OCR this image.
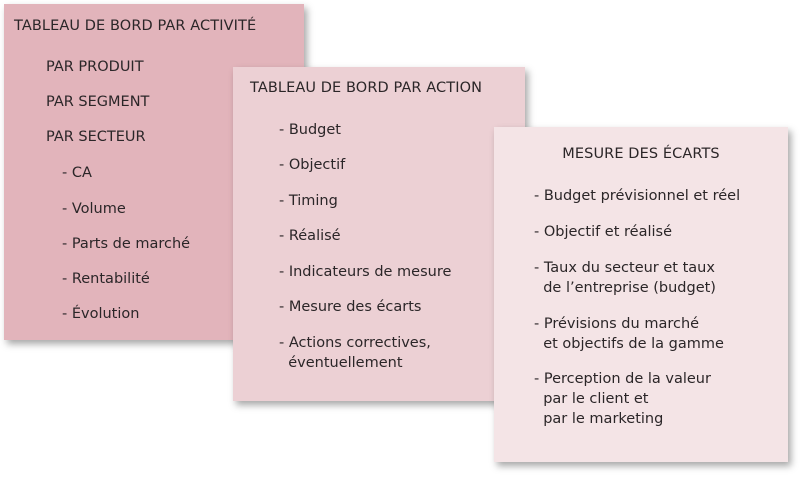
TABLEAU DE BORD PAR ACTIVITÉ
PAR PRODUIT
PAR SEGMENT
PAR SECTEUR
- CA
- Volume
- Parts de marché
- Rentabilité
- Évolution
TABLEAU DE BORD PAR ACTION
- Budget
- Objectif
- Timing
- Réalisé
- Indicateurs de mesure
- Mesure des écarts
- Actions correctives,
éventuellement
MESURE DES ÉCARTS
- Budget prévisionnel et réel
- Objectif et réalisé
- Taux du secteur et taux
de l’entreprise (budget)
- Prévisions du marché
et objectifs de la gamme
- Perception de la valeur
par le client et
par le marketing
